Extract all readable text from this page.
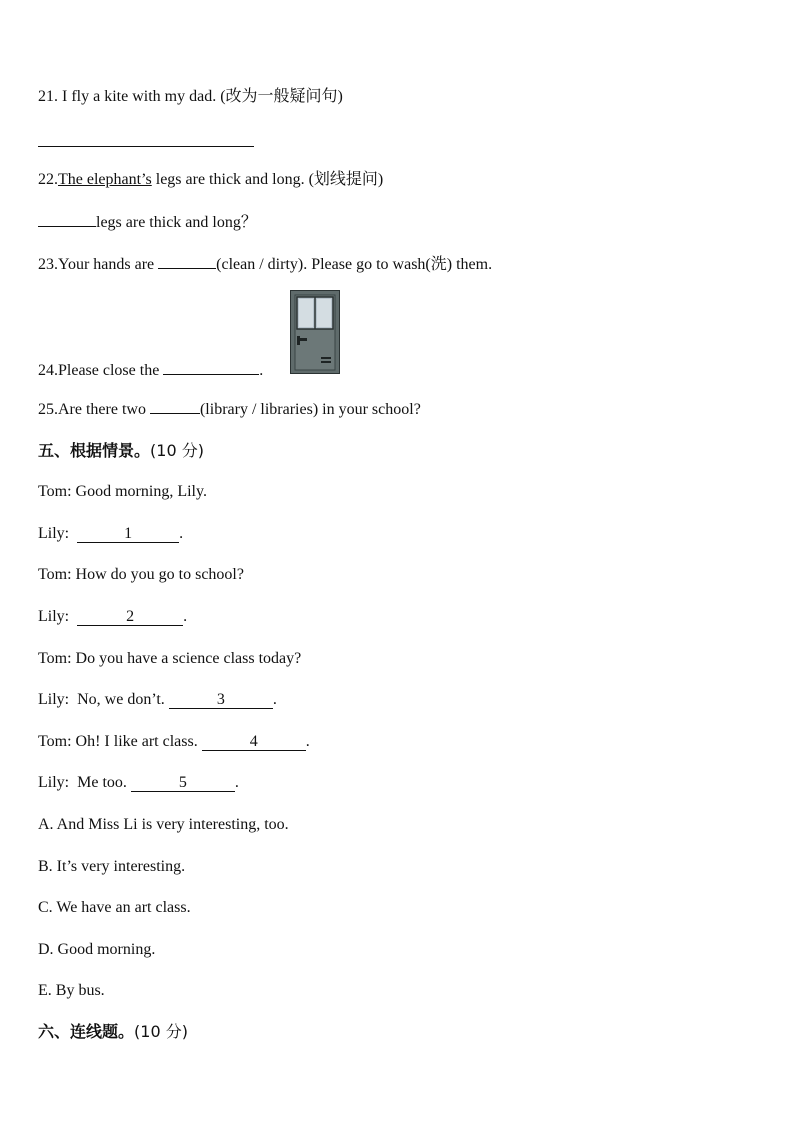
21. I fly a kite with my dad. (改为一般疑问句)
22.The elephant’s legs are thick and long. (划线提问)
legs are thick and long？
23.Your hands are	(clean / dirty). Please go to wash(洗) them.
24.Please close the	.
25.Are there two	(library / libraries) in your school?
五、根据情景。(10 分)
Tom: Good morning, Lily.
Lily:	1	.
Tom: How do you go to school?
Lily:	2	.
Tom: Do you have a science class today?
Lily: No, we don’t.	3	.
Tom: Oh! I like art class.	4	.
Lily: Me too.	5	.
A. And Miss Li is very interesting, too.
B. It’s very interesting.
C. We have an art class.
D. Good morning.
E. By bus.
六、连线题。(10 分)
